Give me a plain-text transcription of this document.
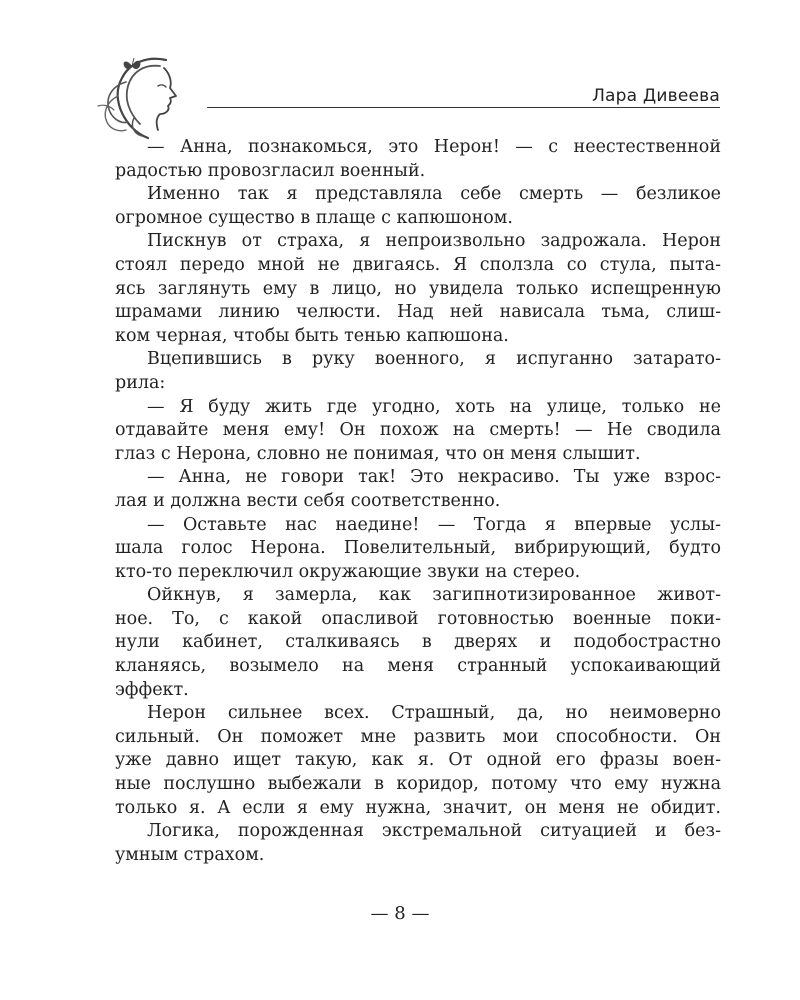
Лара Дивеева
— Анна, познакомься, это Нерон! — с неестественной
радостью провозгласил военный.
Именно так я представляла себе смерть — безликое
огромное существо в плаще с капюшоном.
Пискнув от страха, я непроизвольно задрожала. Нерон
стоял передо мной не двигаясь. Я сползла со стула, пыта-
ясь заглянуть ему в лицо, но увидела только испещренную
шрамами линию челюсти. Над ней нависала тьма, слиш-
ком черная, чтобы быть тенью капюшона.
Вцепившись в руку военного, я испуганно затарато-
рила:
— Я буду жить где угодно, хоть на улице, только не
отдавайте меня ему! Он похож на смерть! — Не сводила
глаз с Нерона, словно не понимая, что он меня слышит.
— Анна, не говори так! Это некрасиво. Ты уже взрос-
лая и должна вести себя соответственно.
— Оставьте нас наедине! — Тогда я впервые услы-
шала голос Нерона. Повелительный, вибрирующий, будто
кто-то переключил окружающие звуки на стерео.
Ойкнув, я замерла, как загипнотизированное живот-
ное. То, с какой опасливой готовностью военные поки-
нули кабинет, сталкиваясь в дверях и подобострастно
кланяясь, возымело на меня странный успокаивающий
эффект.
Нерон сильнее всех. Страшный, да, но неимоверно
сильный. Он поможет мне развить мои способности. Он
уже давно ищет такую, как я. От одной его фразы воен-
ные послушно выбежали в коридор, потому что ему нужна
только я. А если я ему нужна, значит, он меня не обидит.
Логика, порожденная экстремальной ситуацией и без-
умным страхом.
— 8 —
